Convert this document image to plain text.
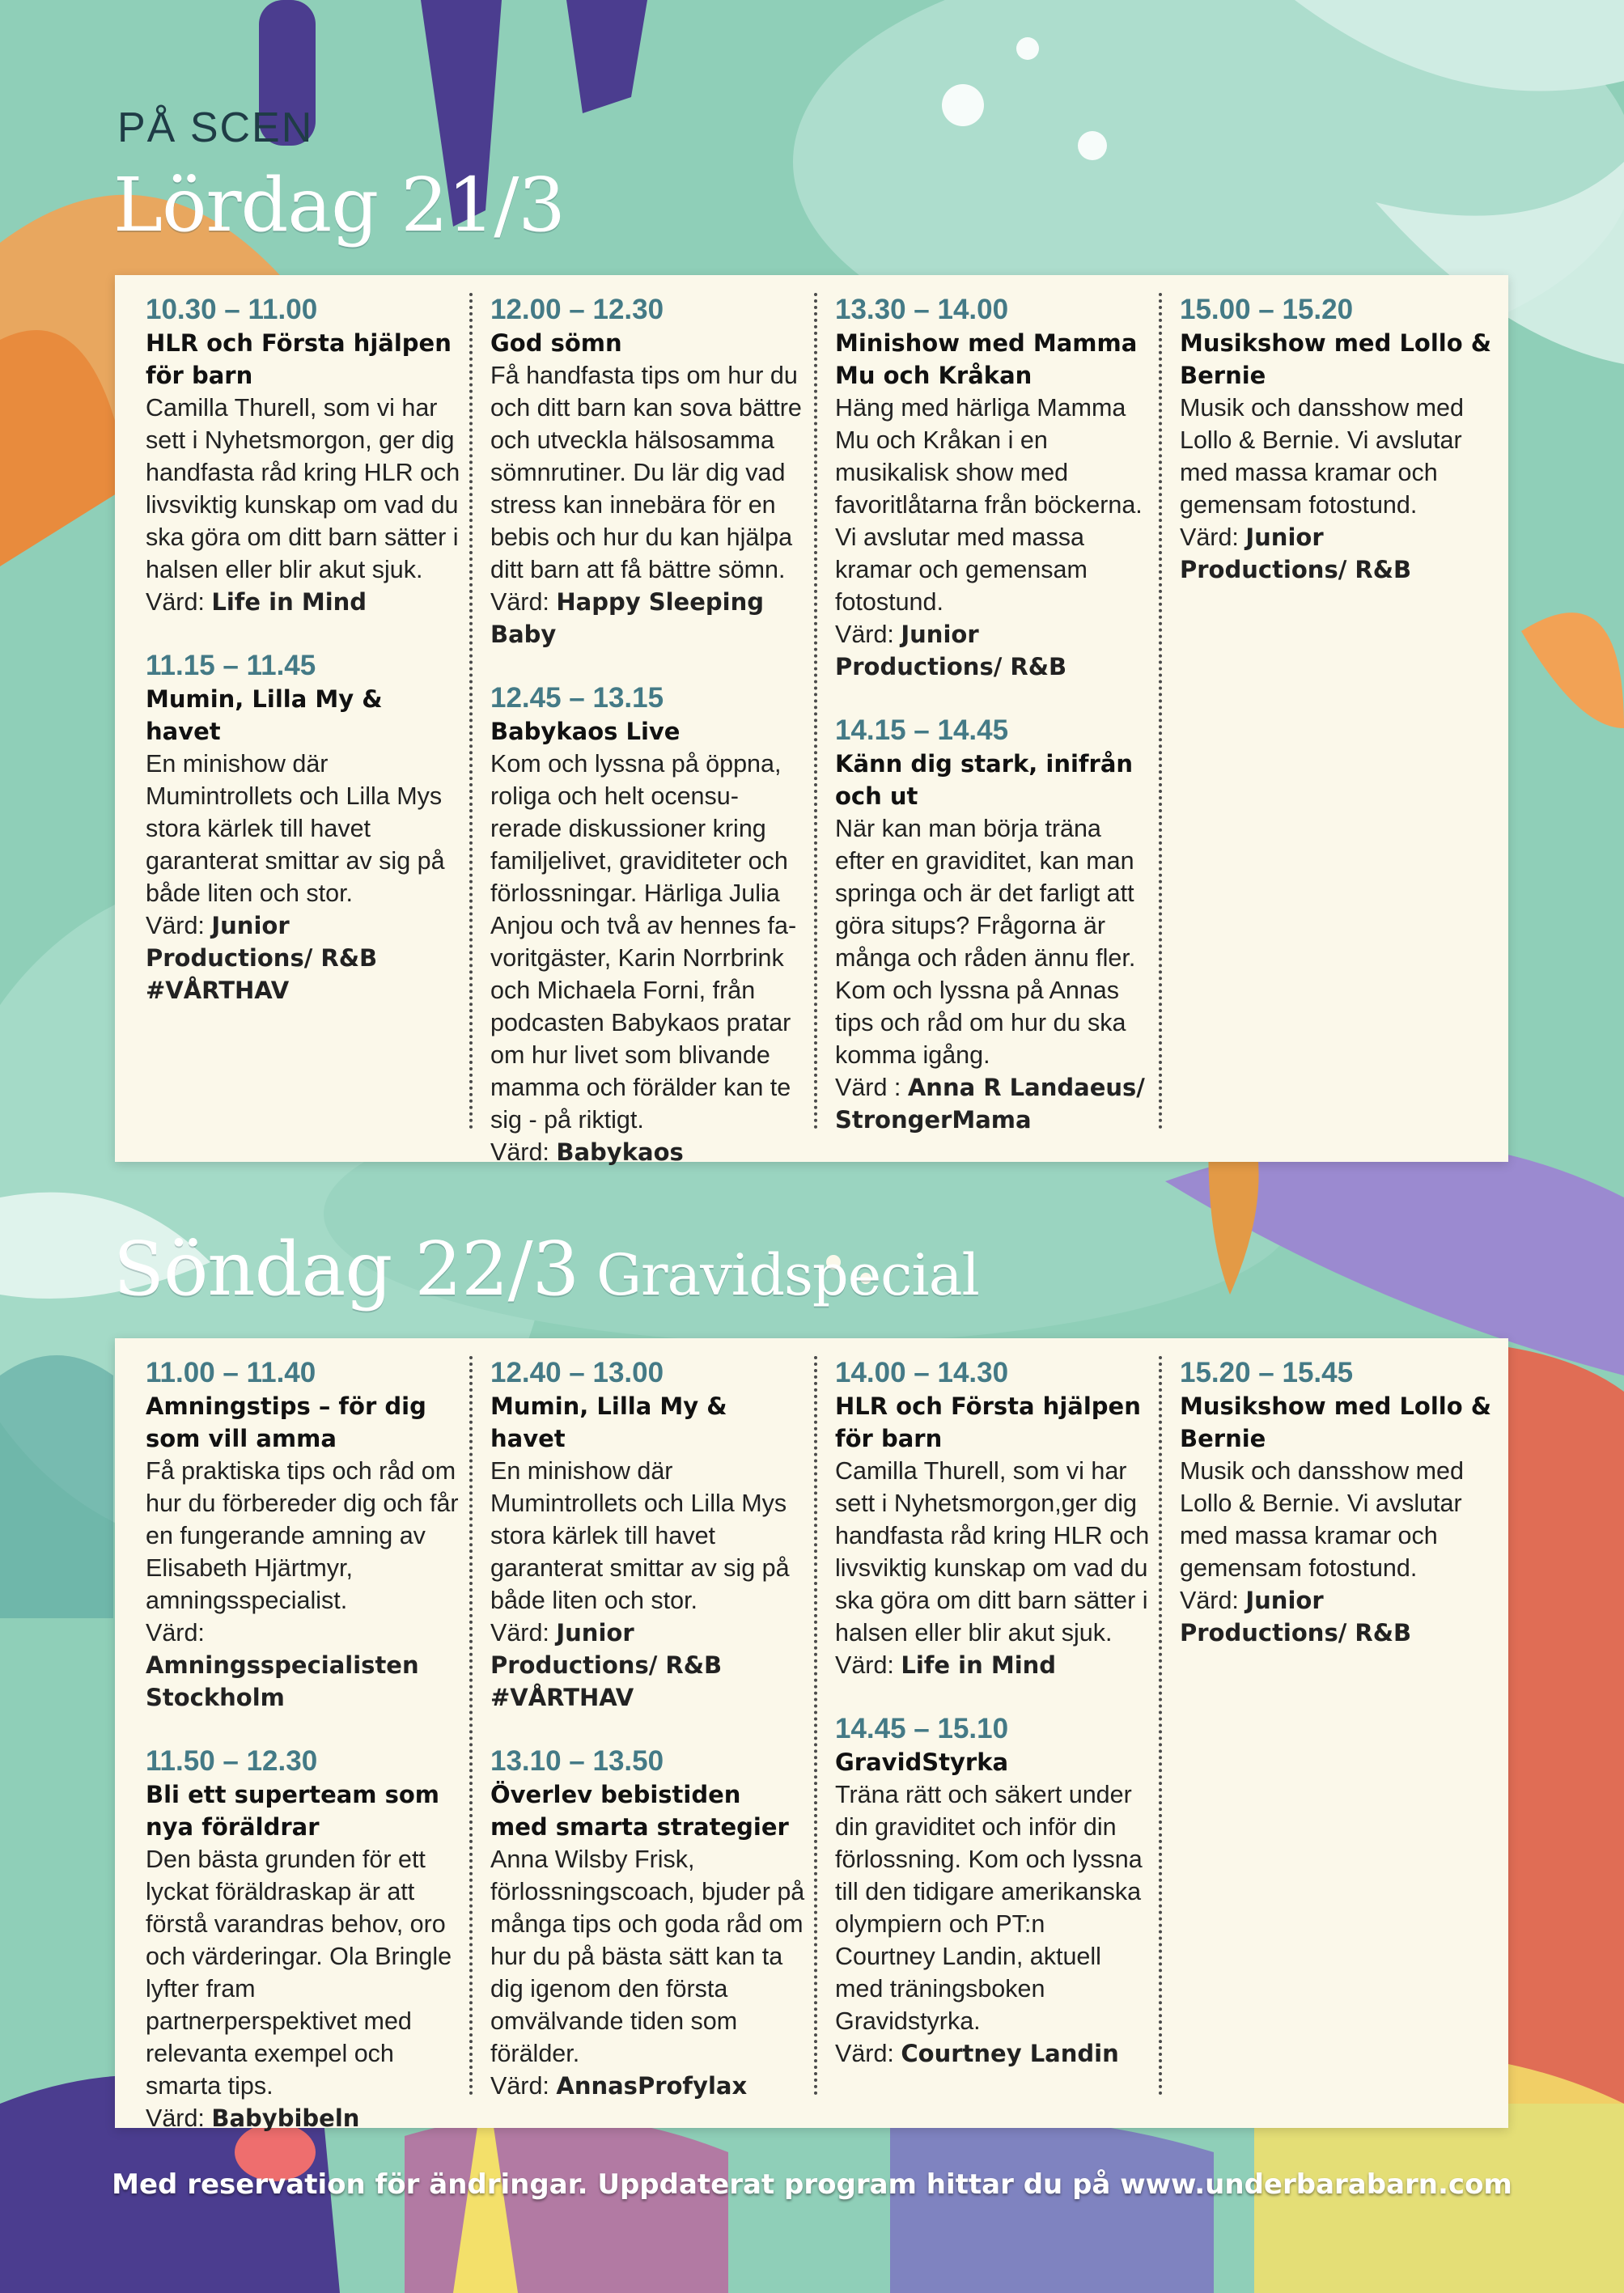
PÅ SCEN
Lördag 21/3
10.30 – 11.00
HLR och Första hjälpen för barn
Camilla Thurell, som vi har sett i Nyhetsmorgon, ger dig handfasta råd kring HLR och livsviktig kunskap om vad du ska göra om ditt barn sätter i halsen eller blir akut sjuk.
Värd: Life in Mind
11.15 – 11.45
Mumin, Lilla My & havet
En minishow där Mumintrollets och Lilla Mys stora kärlek till havet garanterat smittar av sig på både liten och stor.
Värd: Junior Productions/ R&B #VÅRTHAV
12.00 – 12.30
God sömn
Få handfasta tips om hur du och ditt barn kan sova bättre och utveckla hälsosamma sömnrutiner. Du lär dig vad stress kan innebära för en bebis och hur du kan hjälpa ditt barn att få bättre sömn.
Värd: Happy Sleeping Baby
12.45 – 13.15
Babykaos Live
Kom och lyssna på öppna, roliga och helt ocensu-rerade diskussioner kring familjelivet, graviditeter och förlossningar. Härliga Julia Anjou och två av hennes fa-voritgäster, Karin Norrbrink och Michaela Forni, från podcasten Babykaos pratar om hur livet som blivande mamma och förälder kan te sig - på riktigt.
Värd: Babykaos
13.30 – 14.00
Minishow med Mamma Mu och Kråkan
Häng med härliga Mamma Mu och Kråkan i en musikalisk show med favoritlåtarna från böckerna. Vi avslutar med massa kramar och gemensam fotostund.
Värd: Junior Productions/ R&B
14.15 – 14.45
Känn dig stark, inifrån och ut
När kan man börja träna efter en graviditet, kan man springa och är det farligt att göra situps? Frågorna är många och råden ännu fler. Kom och lyssna på Annas tips och råd om hur du ska komma igång.
Värd : Anna R Landaeus/ StrongerMama
15.00 – 15.20
Musikshow med Lollo & Bernie
Musik och dansshow med Lollo & Bernie. Vi avslutar med massa kramar och gemensam fotostund.
Värd: Junior Productions/ R&B
Söndag 22/3 Gravidspecial
11.00 – 11.40
Amningstips – för dig som vill amma
Få praktiska tips och råd om hur du förbereder dig och får en fungerande amning av Elisabeth Hjärtmyr, amningsspecialist.
Värd: Amningsspecialisten Stockholm
11.50 – 12.30
Bli ett superteam som nya föräldrar
Den bästa grunden för ett lyckat föräldraskap är att förstå varandras behov, oro och värderingar. Ola Bringle lyfter fram partnerperspektivet med relevanta exempel och smarta tips.
Värd: Babybibeln
12.40 – 13.00
Mumin, Lilla My & havet
En minishow där Mumintrollets och Lilla Mys stora kärlek till havet garanterat smittar av sig på både liten och stor.
Värd: Junior Productions/ R&B #VÅRTHAV
13.10 – 13.50
Överlev bebistiden med smarta strategier
Anna Wilsby Frisk, förlossningscoach, bjuder på många tips och goda råd om hur du på bästa sätt kan ta dig igenom den första omvälvande tiden som förälder.
Värd: AnnasProfylax
14.00 – 14.30
HLR och Första hjälpen för barn
Camilla Thurell, som vi har sett i Nyhetsmorgon,ger dig handfasta råd kring HLR och livsviktig kunskap om vad du ska göra om ditt barn sätter i halsen eller blir akut sjuk.
Värd: Life in Mind
14.45 – 15.10
GravidStyrka
Träna rätt och säkert under din graviditet och inför din förlossning. Kom och lyssna till den tidigare amerikanska olympiern och PT:n Courtney Landin, aktuell med träningsboken Gravidstyrka.
Värd: Courtney Landin
15.20 – 15.45
Musikshow med Lollo & Bernie
Musik och dansshow med Lollo & Bernie. Vi avslutar med massa kramar och gemensam fotostund.
Värd: Junior Productions/ R&B
Med reservation för ändringar. Uppdaterat program hittar du på www.underbarabarn.com
